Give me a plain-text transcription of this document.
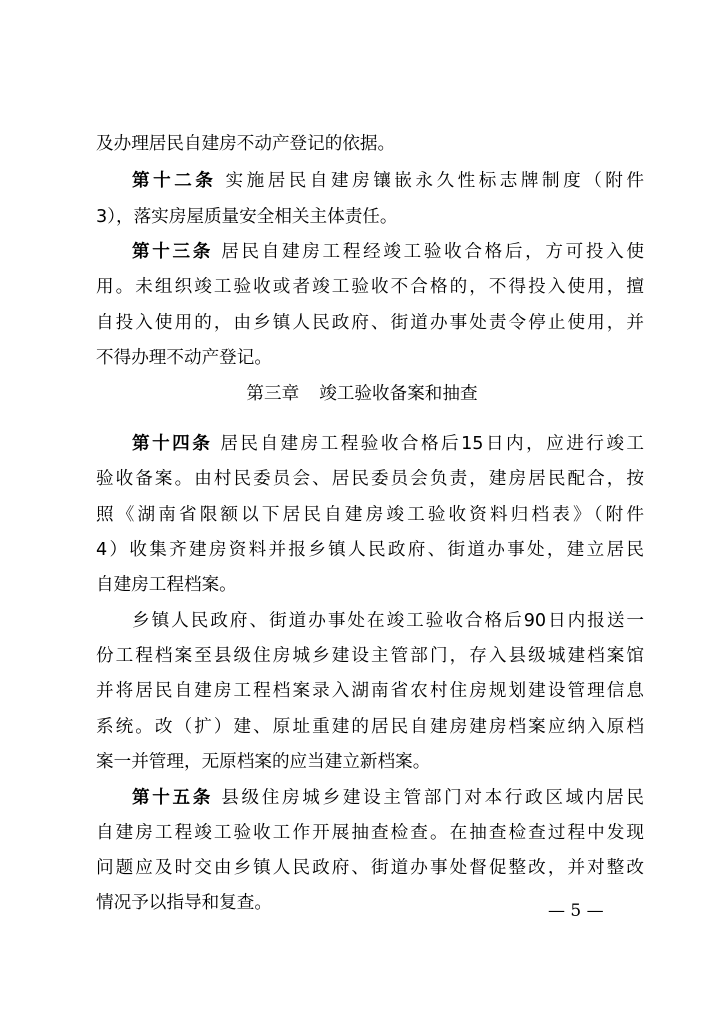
及办理居民自建房不动产登记的依据。
第十二条 实施居民自建房镶嵌永久性标志牌制度（附件
3），落实房屋质量安全相关主体责任。
第十三条 居民自建房工程经竣工验收合格后，方可投入使
用。未组织竣工验收或者竣工验收不合格的，不得投入使用，擅
自投入使用的，由乡镇人民政府、街道办事处责令停止使用，并
不得办理不动产登记。
第三章 竣工验收备案和抽查
第十四条 居民自建房工程验收合格后15日内，应进行竣工
验收备案。由村民委员会、居民委员会负责，建房居民配合，按
照《湖南省限额以下居民自建房竣工验收资料归档表》（附件
4）收集齐建房资料并报乡镇人民政府、街道办事处，建立居民
自建房工程档案。
乡镇人民政府、街道办事处在竣工验收合格后90日内报送一
份工程档案至县级住房城乡建设主管部门，存入县级城建档案馆
并将居民自建房工程档案录入湖南省农村住房规划建设管理信息
系统。改（扩）建、原址重建的居民自建房建房档案应纳入原档
案一并管理，无原档案的应当建立新档案。
第十五条 县级住房城乡建设主管部门对本行政区域内居民
自建房工程竣工验收工作开展抽查检查。在抽查检查过程中发现
问题应及时交由乡镇人民政府、街道办事处督促整改，并对整改
情况予以指导和复查。	— 5 —
